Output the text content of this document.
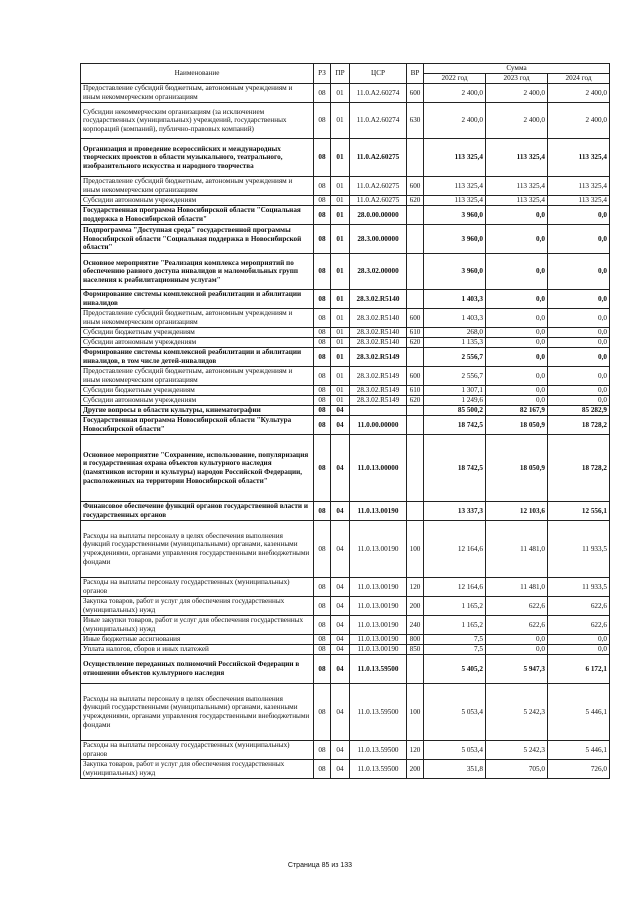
Наименование	РЗ	ПР	ЦСР	ВР	Сумма		
					2022 год	2023 год	2024 год
Предоставление субсидий бюджетным, автономным учреждениям и иным некоммерческим организациям	08	01	11.0.А2.60274	600	2 400,0	2 400,0	2 400,0
Субсидии некоммерческим организациям (за исключением государственных (муниципальных) учреждений, государственных корпораций (компаний), публично-правовых компаний)	08	01	11.0.А2.60274	630	2 400,0	2 400,0	2 400,0
Организация и проведение всероссийских и международных творческих проектов в области музыкального, театрального, изобразительного искусства и народного творчества	08	01	11.0.А2.60275		113 325,4	113 325,4	113 325,4
Предоставление субсидий бюджетным, автономным учреждениям и иным некоммерческим организациям	08	01	11.0.А2.60275	600	113 325,4	113 325,4	113 325,4
Субсидии автономным учреждениям	08	01	11.0.А2.60275	620	113 325,4	113 325,4	113 325,4
Государственная программа Новосибирской области "Социальная поддержка в Новосибирской области"	08	01	28.0.00.00000		3 960,0	0,0	0,0
Подпрограмма "Доступная среда" государственной программы Новосибирской области "Социальная поддержка в Новосибирской области"	08	01	28.3.00.00000		3 960,0	0,0	0,0
Основное мероприятие "Реализация комплекса мероприятий по обеспечению равного доступа инвалидов и маломобильных групп населения к реабилитационным услугам"	08	01	28.3.02.00000		3 960,0	0,0	0,0
Формирование системы комплексной реабилитации и абилитации инвалидов	08	01	28.3.02.R5140		1 403,3	0,0	0,0
Предоставление субсидий бюджетным, автономным учреждениям и иным некоммерческим организациям	08	01	28.3.02.R5140	600	1 403,3	0,0	0,0
Субсидии бюджетным учреждениям	08	01	28.3.02.R5140	610	268,0	0,0	0,0
Субсидии автономным учреждениям	08	01	28.3.02.R5140	620	1 135,3	0,0	0,0
Формирование системы комплексной реабилитации и абилитации инвалидов, в том числе детей-инвалидов	08	01	28.3.02.R5149		2 556,7	0,0	0,0
Предоставление субсидий бюджетным, автономным учреждениям и иным некоммерческим организациям	08	01	28.3.02.R5149	600	2 556,7	0,0	0,0
Субсидии бюджетным учреждениям	08	01	28.3.02.R5149	610	1 307,1	0,0	0,0
Субсидии автономным учреждениям	08	01	28.3.02.R5149	620	1 249,6	0,0	0,0
Другие вопросы в области культуры, кинематографии	08	04			85 500,2	82 167,9	85 282,9
Государственная программа Новосибирской области "Культура Новосибирской области"	08	04	11.0.00.00000		18 742,5	18 050,9	18 728,2
Основное мероприятие "Сохранение, использование, популяризация и государственная охрана объектов культурного наследия (памятников истории и культуры) народов Российской Федерации, расположенных на территории Новосибирской области"	08	04	11.0.13.00000		18 742,5	18 050,9	18 728,2
Финансовое обеспечение функций органов государственной власти и государственных органов	08	04	11.0.13.00190		13 337,3	12 103,6	12 556,1
Расходы на выплаты персоналу в целях обеспечения выполнения функций государственными (муниципальными) органами, казенными учреждениями, органами управления государственными внебюджетными фондами	08	04	11.0.13.00190	100	12 164,6	11 481,0	11 933,5
Расходы на выплаты персоналу государственных (муниципальных) органов	08	04	11.0.13.00190	120	12 164,6	11 481,0	11 933,5
Закупка товаров, работ и услуг для обеспечения государственных (муниципальных) нужд	08	04	11.0.13.00190	200	1 165,2	622,6	622,6
Иные закупки товаров, работ и услуг для обеспечения государственных (муниципальных) нужд	08	04	11.0.13.00190	240	1 165,2	622,6	622,6
Иные бюджетные ассигнования	08	04	11.0.13.00190	800	7,5	0,0	0,0
Уплата налогов, сборов и иных платежей	08	04	11.0.13.00190	850	7,5	0,0	0,0
Осуществление переданных полномочий Российской Федерации в отношении объектов культурного наследия	08	04	11.0.13.59500		5 405,2	5 947,3	6 172,1
Расходы на выплаты персоналу в целях обеспечения выполнения функций государственными (муниципальными) органами, казенными учреждениями, органами управления государственными внебюджетными фондами	08	04	11.0.13.59500	100	5 053,4	5 242,3	5 446,1
Расходы на выплаты персоналу государственных (муниципальных) органов	08	04	11.0.13.59500	120	5 053,4	5 242,3	5 446,1
Закупка товаров, работ и услуг для обеспечения государственных (муниципальных) нужд	08	04	11.0.13.59500	200	351,8	705,0	726,0
Страница 85 из 133
